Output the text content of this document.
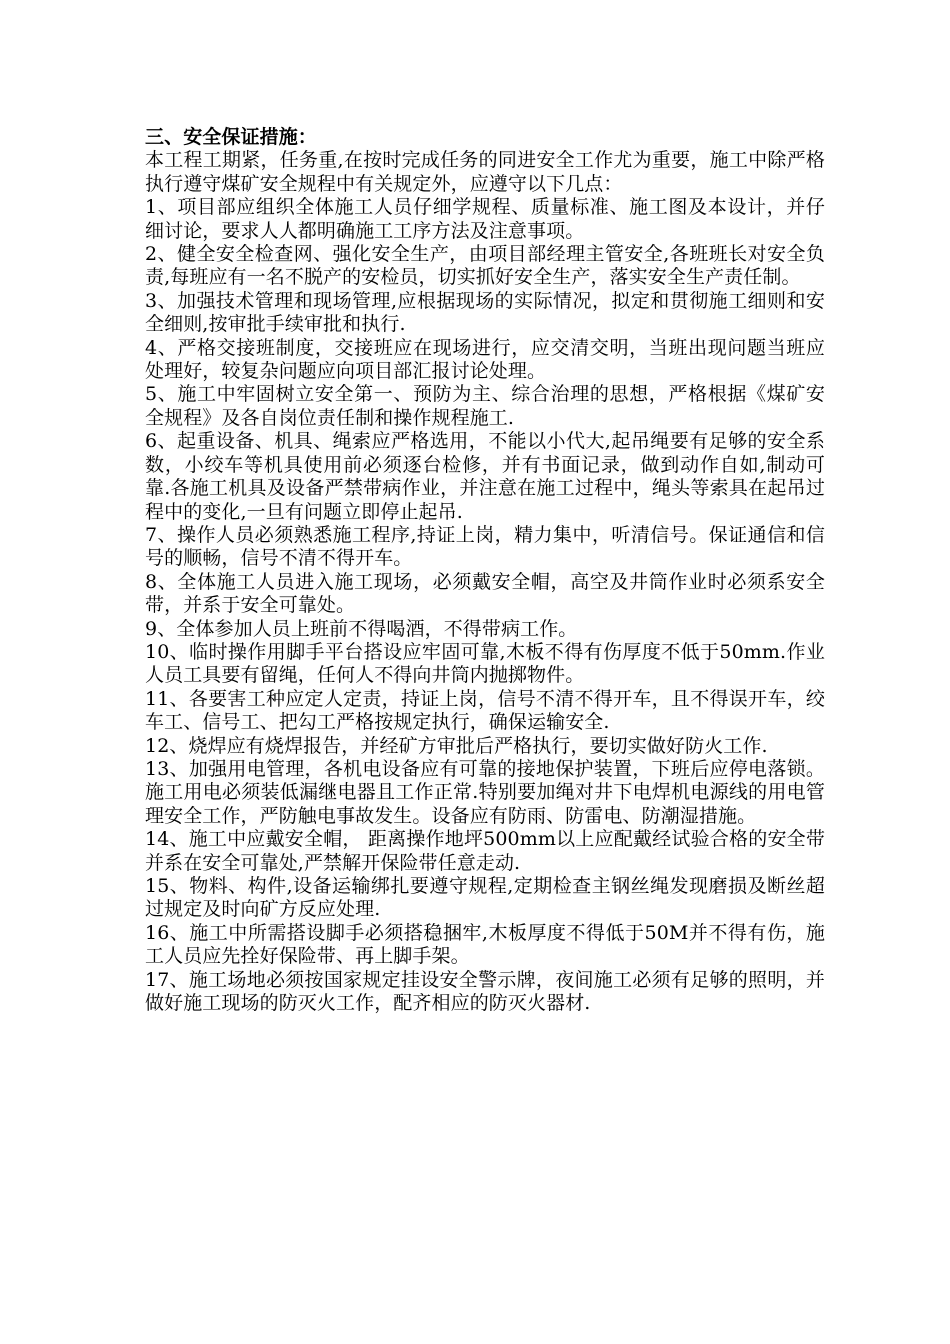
三、安全保证措施：

本工程工期紧，任务重,在按时完成任务的同进安全工作尤为重要，施工中除严格执行遵守煤矿安全规程中有关规定外，应遵守以下几点：

1、项目部应组织全体施工人员仔细学规程、质量标准、施工图及本设计，并仔细讨论，要求人人都明确施工工序方法及注意事项。

2、健全安全检查网、强化安全生产，由项目部经理主管安全,各班班长对安全负责,每班应有一名不脱产的安检员，切实抓好安全生产，落实安全生产责任制。

3、加强技术管理和现场管理,应根据现场的实际情况，拟定和贯彻施工细则和安全细则,按审批手续审批和执行.

4、严格交接班制度，交接班应在现场进行，应交清交明，当班出现问题当班应处理好，较复杂问题应向项目部汇报讨论处理。

5、施工中牢固树立安全第一、预防为主、综合治理的思想，严格根据《煤矿安全规程》及各自岗位责任制和操作规程施工.

6、起重设备、机具、绳索应严格选用，不能以小代大,起吊绳要有足够的安全系数，小绞车等机具使用前必须逐台检修，并有书面记录，做到动作自如,制动可靠.各施工机具及设备严禁带病作业，并注意在施工过程中，绳头等索具在起吊过程中的变化,一旦有问题立即停止起吊.

7、操作人员必须熟悉施工程序,持证上岗，精力集中，听清信号。保证通信和信号的顺畅，信号不清不得开车。

8、全体施工人员进入施工现场，必须戴安全帽，高空及井筒作业时必须系安全带，并系于安全可靠处。

9、全体参加人员上班前不得喝酒，不得带病工作。

10、临时操作用脚手平台搭设应牢固可靠,木板不得有伤厚度不低于50mm.作业人员工具要有留绳，任何人不得向井筒内抛掷物件。

11、各要害工种应定人定责，持证上岗，信号不清不得开车，且不得误开车，绞车工、信号工、把勾工严格按规定执行，确保运输安全.

12、烧焊应有烧焊报告，并经矿方审批后严格执行，要切实做好防火工作.

13、加强用电管理，各机电设备应有可靠的接地保护装置，下班后应停电落锁。施工用电必须装低漏继电器且工作正常.特别要加绳对井下电焊机电源线的用电管理安全工作，严防触电事故发生。设备应有防雨、防雷电、防潮湿措施。

14、施工中应戴安全帽， 距离操作地坪500mm以上应配戴经试验合格的安全带并系在安全可靠处,严禁解开保险带任意走动.

15、物料、构件,设备运输绑扎要遵守规程,定期检查主钢丝绳发现磨损及断丝超过规定及时向矿方反应处理.

16、施工中所需搭设脚手必须搭稳捆牢,木板厚度不得低于50M并不得有伤，施工人员应先拴好保险带、再上脚手架。

17、施工场地必须按国家规定挂设安全警示牌，夜间施工必须有足够的照明，并做好施工现场的防灭火工作，配齐相应的防灭火器材.
